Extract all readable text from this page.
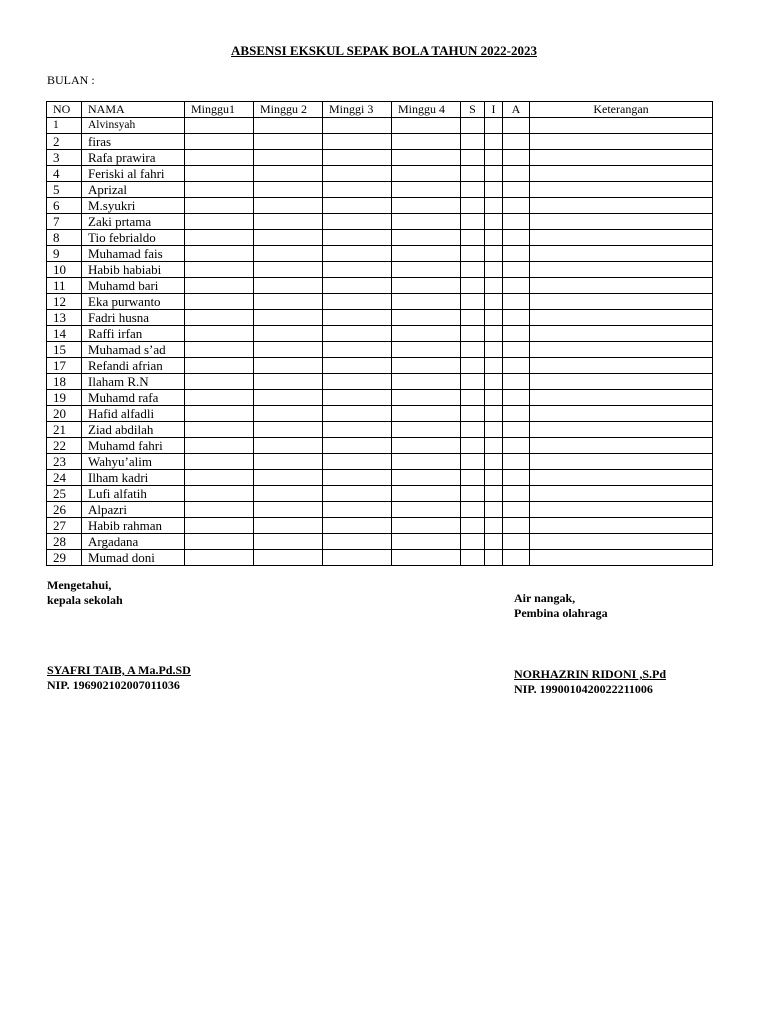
ABSENSI EKSKUL SEPAK BOLA TAHUN 2022-2023
BULAN :
NO	NAMA	Minggu1	Minggu 2	Minggi 3	Minggu 4	S	I	A	Keterangan
1	Alvinsyah								
2	firas								
3	Rafa prawira								
4	Feriski al fahri								
5	Aprizal								
6	M.syukri								
7	Zaki prtama								
8	Tio febrialdo								
9	Muhamad fais								
10	Habib habiabi								
11	Muhamd bari								
12	Eka purwanto								
13	Fadri husna								
14	Raffi irfan								
15	Muhamad s’ad								
17	Refandi afrian								
18	Ilaham R.N								
19	Muhamd rafa								
20	Hafid alfadli								
21	Ziad abdilah								
22	Muhamd fahri								
23	Wahyu’alim								
24	Ilham kadri								
25	Lufi alfatih								
26	Alpazri								
27	Habib rahman								
28	Argadana								
29	Mumad doni								
Mengetahui,
kepala sekolah
SYAFRI TAIB, A Ma.Pd.SD
NIP. 196902102007011036
Air nangak,
Pembina olahraga
NORHAZRIN RIDONI ,S.Pd
NIP. 1990010420022211006
